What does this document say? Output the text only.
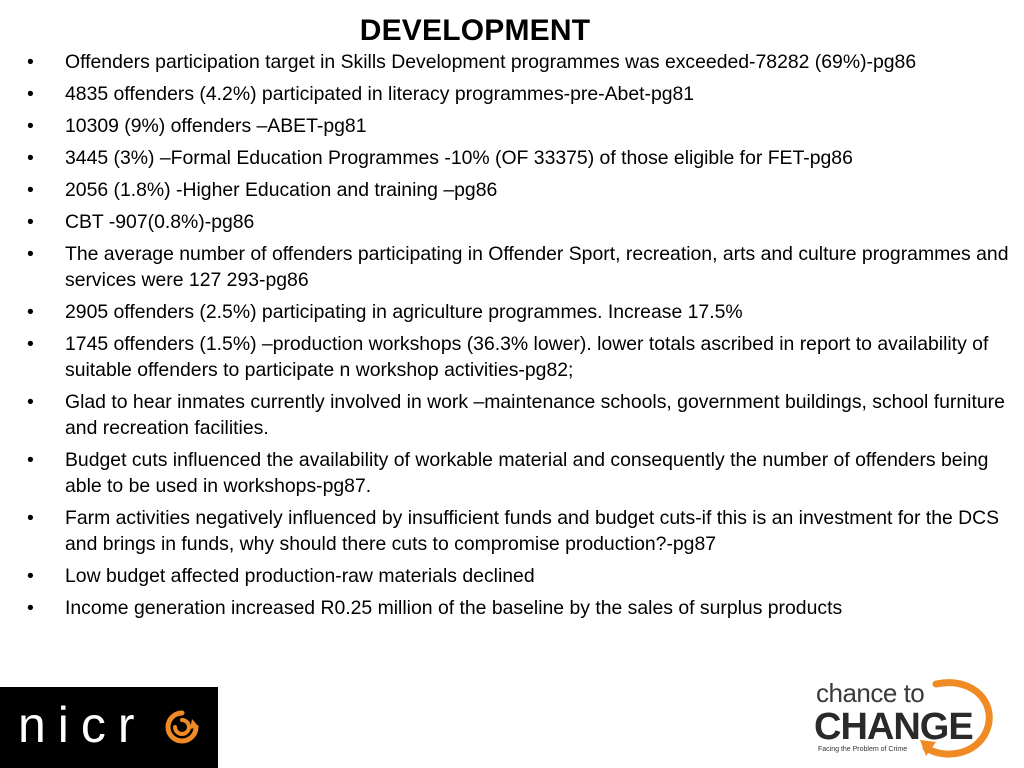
DEVELOPMENT
• Offenders participation target in Skills Development programmes was exceeded-78282 (69%)-pg86
• 4835 offenders (4.2%) participated in literacy programmes-pre-Abet-pg81
• 10309 (9%) offenders –ABET-pg81
• 3445 (3%) –Formal Education Programmes -10% (OF 33375) of those eligible for FET-pg86
• 2056 (1.8%) -Higher Education and training –pg86
• CBT -907(0.8%)-pg86
• The average number of offenders participating in Offender Sport, recreation, arts and culture programmes and services were 127 293-pg86
• 2905 offenders (2.5%) participating in agriculture programmes. Increase 17.5%
• 1745 offenders (1.5%) –production workshops (36.3% lower). lower totals ascribed in report to availability of suitable offenders to participate n workshop activities-pg82;
• Glad to hear inmates currently involved in work –maintenance schools, government buildings, school furniture and recreation facilities.
• Budget cuts influenced the availability of workable material and consequently the number of offenders being able to be used in workshops-pg87.
• Farm activities negatively influenced by insufficient funds and budget cuts-if this is an investment for the DCS and brings in funds, why should there cuts to compromise production?-pg87
• Low budget affected production-raw materials declined
• Income generation increased R0.25 million of the baseline by the sales of surplus products
nicr
chance to
CHANGE
Facing the Problem of Crime
